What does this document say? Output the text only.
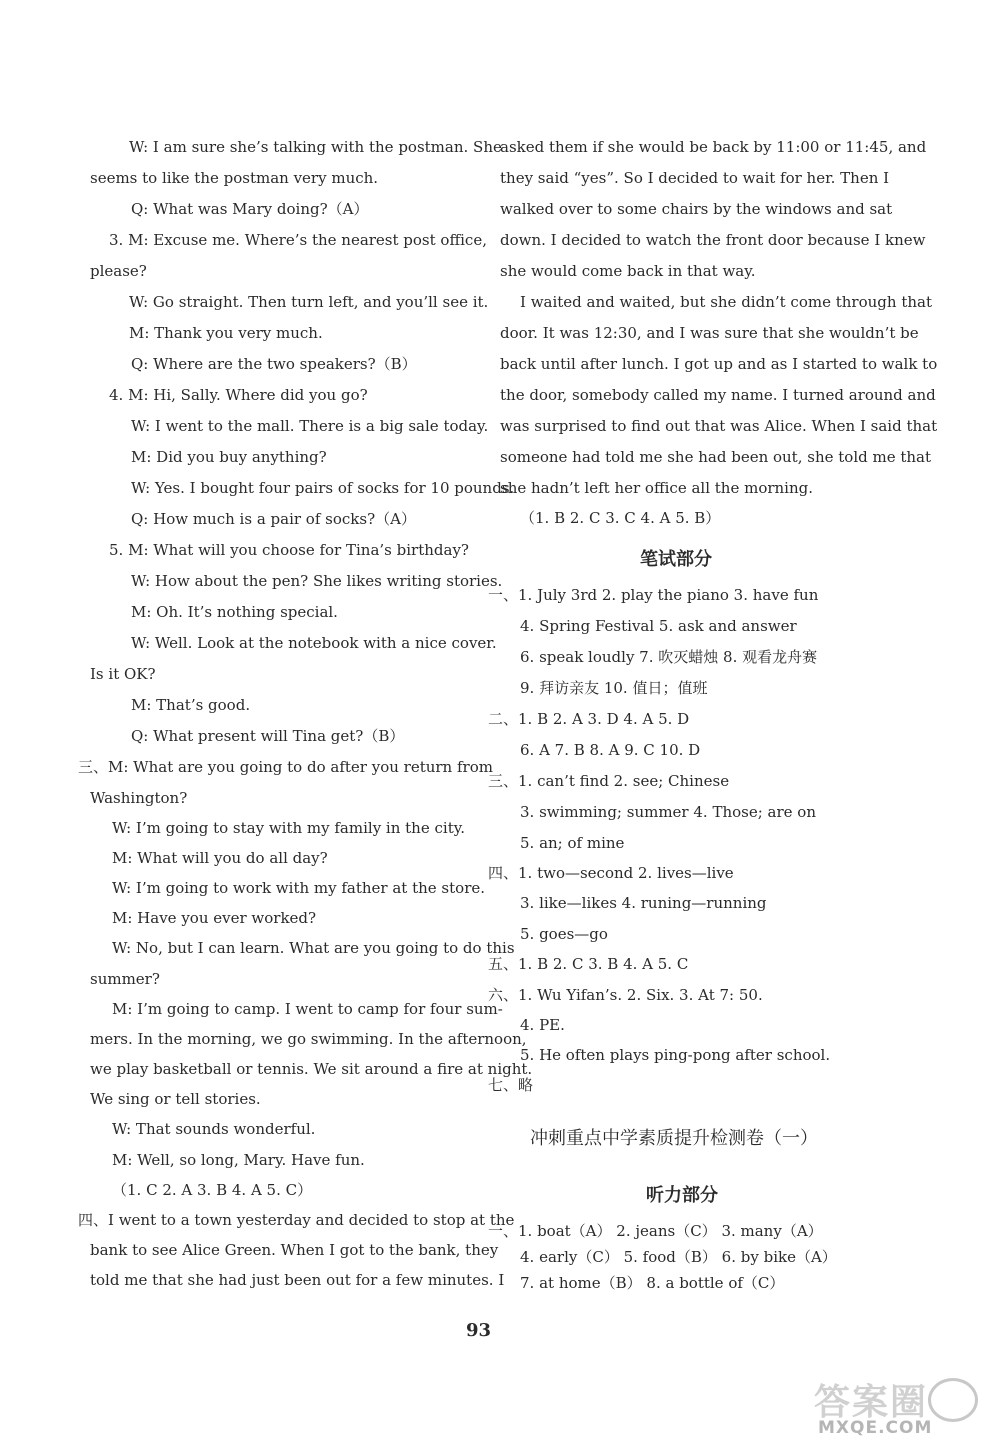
W: I am sure she’s talking with the postman. She
seems to like the postman very much.
Q: What was Mary doing?（A）
3. M: Excuse me. Where’s the nearest post office,
please?
W: Go straight. Then turn left, and you’ll see it.
M: Thank you very much.
Q: Where are the two speakers?（B）
4. M: Hi, Sally. Where did you go?
W: I went to the mall. There is a big sale today.
M: Did you buy anything?
W: Yes. I bought four pairs of socks for 10 pounds.
Q: How much is a pair of socks?（A）
5. M: What will you choose for Tina’s birthday?
W: How about the pen? She likes writing stories.
M: Oh. It’s nothing special.
W: Well. Look at the notebook with a nice cover.
Is it OK?
M: That’s good.
Q: What present will Tina get?（B）
三、M: What are you going to do after you return from
Washington?
W: I’m going to stay with my family in the city.
M: What will you do all day?
W: I’m going to work with my father at the store.
M: Have you ever worked?
W: No, but I can learn. What are you going to do this
summer?
M: I’m going to camp. I went to camp for four sum-
mers. In the morning, we go swimming. In the afternoon,
we play basketball or tennis. We sit around a fire at night.
We sing or tell stories.
W: That sounds wonderful.
M: Well, so long, Mary. Have fun.
（1. C 2. A 3. B 4. A 5. C）
四、I went to a town yesterday and decided to stop at the
bank to see Alice Green. When I got to the bank, they
told me that she had just been out for a few minutes. I
asked them if she would be back by 11:00 or 11:45, and
they said “yes”. So I decided to wait for her. Then I
walked over to some chairs by the windows and sat
down. I decided to watch the front door because I knew
she would come back in that way.
I waited and waited, but she didn’t come through that
door. It was 12:30, and I was sure that she wouldn’t be
back until after lunch. I got up and as I started to walk to
the door, somebody called my name. I turned around and
was surprised to find out that was Alice. When I said that
someone had told me she had been out, she told me that
she hadn’t left her office all the morning.
（1. B 2. C 3. C 4. A 5. B）
一、1. July 3rd 2. play the piano 3. have fun
4. Spring Festival 5. ask and answer
6. speak loudly 7. 吹灭蜡烛 8. 观看龙舟赛
9. 拜访亲友 10. 值日；值班
二、1. B 2. A 3. D 4. A 5. D
6. A 7. B 8. A 9. C 10. D
三、1. can’t find 2. see; Chinese
3. swimming; summer 4. Those; are on
5. an; of mine
四、1. two—second 2. lives—live
3. like—likes 4. runing—running
5. goes—go
五、1. B 2. C 3. B 4. A 5. C
六、1. Wu Yifan’s. 2. Six. 3. At 7: 50.
4. PE.
5. He often plays ping-pong after school.
七、略
一、1. boat（A） 2. jeans（C） 3. many（A）
4. early（C） 5. food（B） 6. by bike（A）
7. at home（B） 8. a bottle of（C）
笔试部分
冲刺重点中学素质提升检测卷（一）
听力部分
93
答案圈
MXQE.COM
